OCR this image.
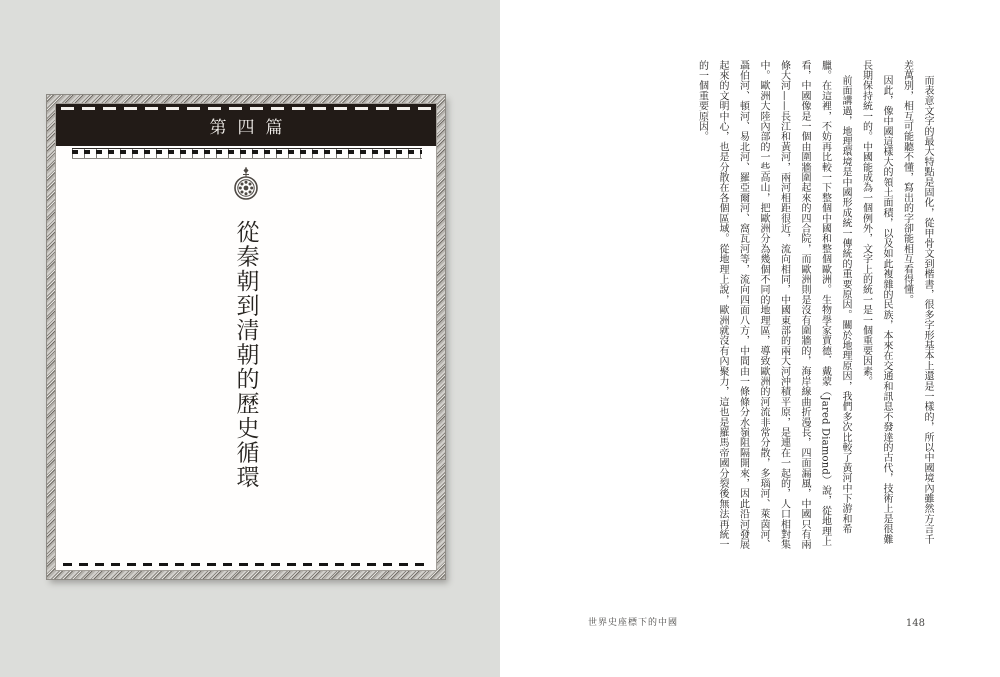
第四篇
從秦朝到清朝的歷史循環	而表意文字的最大特點是固化，從甲骨文到楷書，很多字形基本上還是一樣的，所以中國境內雖然方言千差萬別，相互可能聽不懂，寫出的字卻能相互看得懂。

因此，像中國這樣大的領土面積，以及如此複雜的民族，本來在交通和訊息不發達的古代，技術上是很難長期保持統一的。中國能成為一個例外，文字上的統一是一個重要因素。

前面講過，地理環境是中國形成統一傳統的重要原因。關於地理原因，我們多次比較了黃河中下游和希臘。在這裡，不妨再比較一下整個中國和整個歐洲。生物學家賈德．戴蒙（Jared Diamond）說，從地理上看，中國像是一個由圍牆圍起來的四合院，而歐洲則是沒有圍牆的，海岸線曲折漫長，四面漏風，中國只有兩條大河——長江和黃河，兩河相距很近，流向相同，中國東部的兩大河沖積平原，是連在一起的，人口相對集中。歐洲大陸內部的一些高山，把歐洲分為幾個不同的地理區，導致歐洲的河流非常分散，多瑙河、萊茵河、聶伯河、頓河、易北河、羅亞爾河、窩瓦河等，流向四面八方，中間由一條條分水嶺阻隔開來，因此沿河發展起來的文明中心，也是分散在各個區域。從地理上說，歐洲就沒有內聚力，這也是羅馬帝國分裂後無法再統一的一個重要原因。

世界史座標下的中國	148
